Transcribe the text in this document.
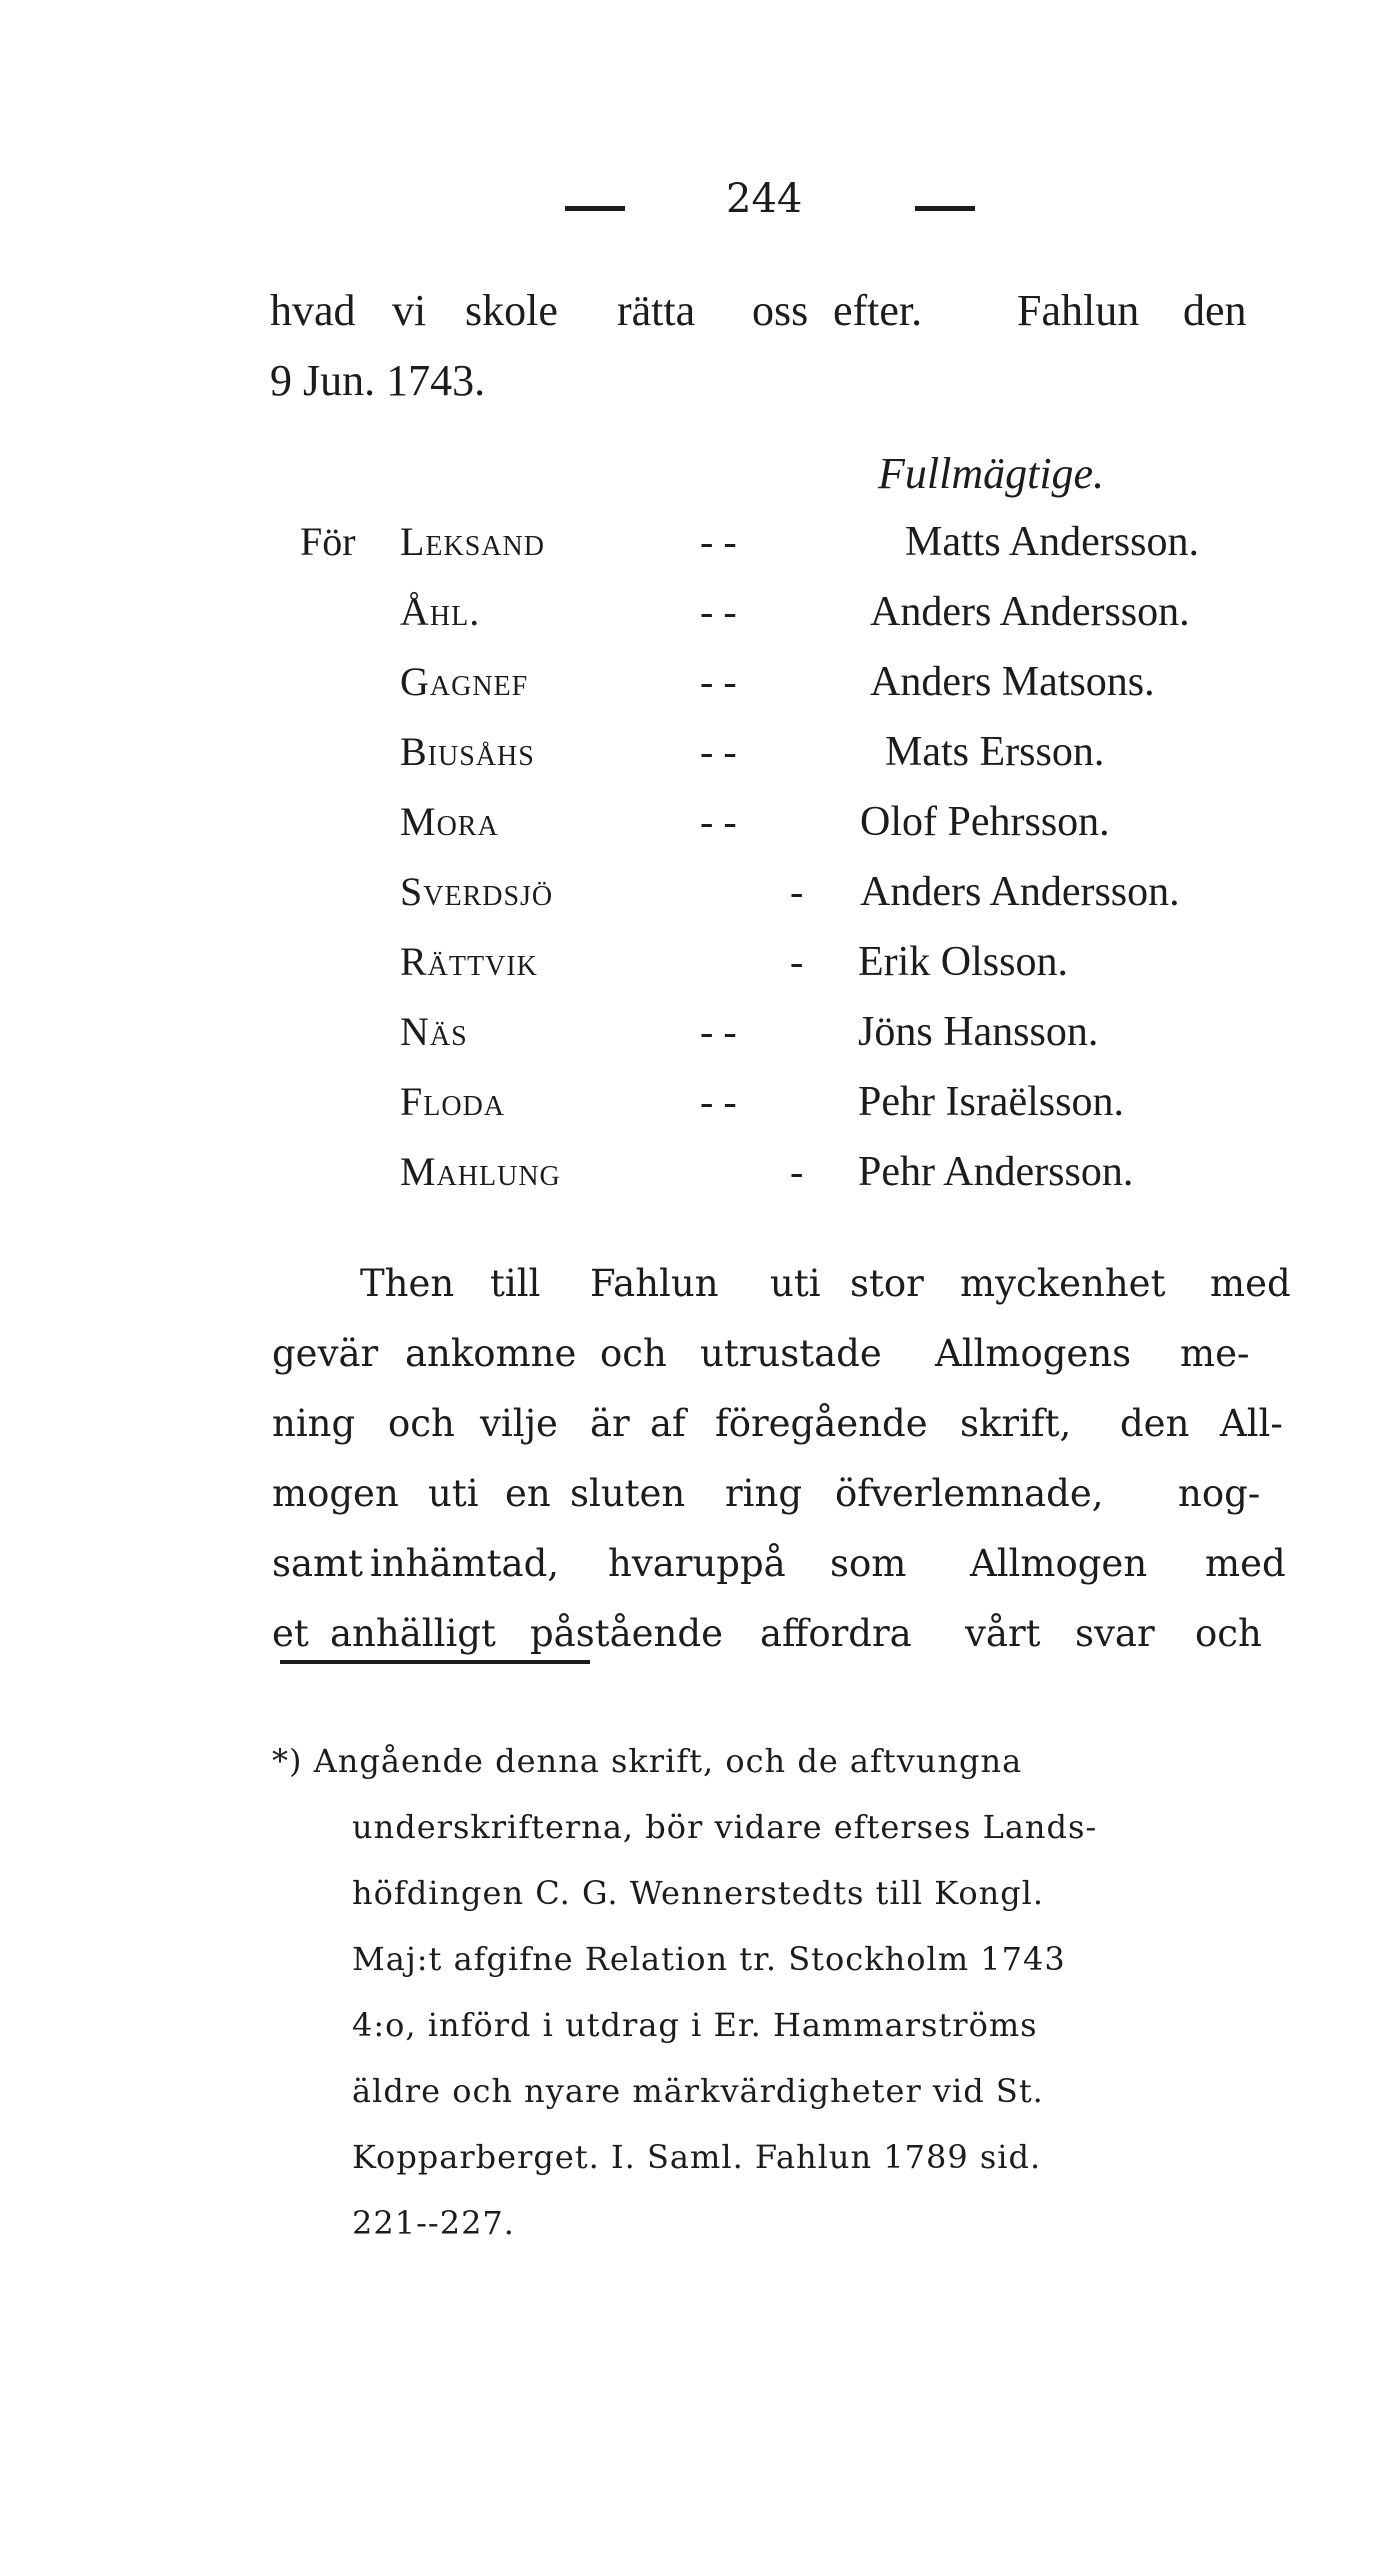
244
hvad vi skole rätta oss efter. Fahlun den
9 Jun. 1743.
Fullmägtige.
För Leksand	- -	Matts Andersson.
Åhl.	- -	Anders Andersson.
Gagnef	- -	Anders Matsons.
Biusåhs	- -	Mats Ersson.
Mora	- -	Olof Pehrsson.
Sverdsjö	- Anders Andersson.
Rättvik	- Erik Olsson.
Näs	- -	Jöns Hansson.
Floda	- -	Pehr Israëlsson.
Mahlung	- Pehr Andersson.
Then till Fahlun uti stor myckenhet med
gevär ankomne och utrustade Allmogens me-
ning och vilje är af föregående skrift, den All-
mogen uti en sluten ring öfverlemnade, nog-
samt inhämtad, hvaruppå som Allmogen med
et anhälligt påstående affordra vårt svar och
*) Angående denna skrift, och de aftvungna
underskrifterna, bör vidare efterses Lands-
höfdingen C. G. Wennerstedts till Kongl.
Maj:t afgifne Relation tr. Stockholm 1743
4:o, införd i utdrag i Er. Hammarströms
äldre och nyare märkvärdigheter vid St.
Kopparberget. I. Saml. Fahlun 1789 sid.
221--227.
